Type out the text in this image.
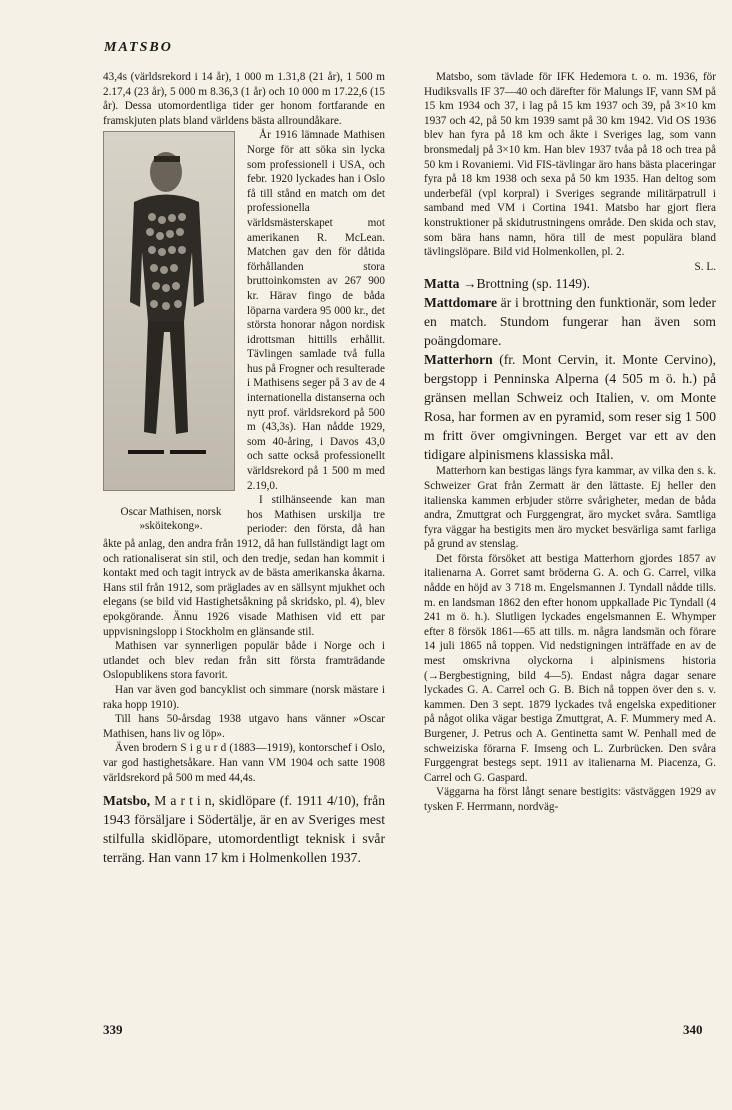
MATSBO

43,4s (världsrekord i 14 år), 1 000 m 1.31,8 (21 år), 1 500 m 2.17,4 (23 år), 5 000 m 8.36,3 (1 år) och 10 000 m 17.22,6 (15 år). Dessa utomordentliga tider ger honom fortfarande en framskjuten plats bland världens bästa allroundåkare.

Oscar Mathisen, norsk »sköitekong».

År 1916 lämnade Mathisen Norge för att söka sin lycka som professionell i USA, och febr. 1920 lyckades han i Oslo få till stånd en match om det professionella världsmästerskapet mot amerikanen R. McLean. Matchen gav den för dåtida förhållanden stora bruttoinkomsten av 267 900 kr. Härav fingo de båda löparna vardera 95 000 kr., det största honorar någon nordisk idrottsman hittills erhållit. Tävlingen samlade två fulla hus på Frogner och resulterade i Mathisens seger på 3 av de 4 internationella distanserna och nytt prof. världsrekord på 500 m (43,3s). Han nådde 1929, som 40-åring, i Davos 43,0 och satte också professionellt världsrekord på 1 500 m med 2.19,0.

I stilhänseende kan man hos Mathisen urskilja tre perioder: den första, då han åkte på anlag, den andra från 1912, då han fullständigt lagt om och rationaliserat sin stil, och den tredje, sedan han kommit i kontakt med och tagit intryck av de bästa amerikanska åkarna. Hans stil från 1912, som präglades av en sällsynt mjukhet och elegans (se bild vid Hastighetsåkning på skridsko, pl. 4), blev epokgörande. Ännu 1926 visade Mathisen vid ett par uppvisningslopp i Stockholm en glänsande stil.

Mathisen var synnerligen populär både i Norge och i utlandet och blev redan från sitt första framträdande Oslopublikens stora favorit.

Han var även god bancyklist och simmare (norsk mästare i raka hopp 1910).

Till hans 50-årsdag 1938 utgavo hans vänner »Oscar Mathisen, hans liv og löp».

Även brodern S i g u r d (1883—1919), kontorschef i Oslo, var god hastighetsåkare. Han vann VM 1904 och satte 1908 världsrekord på 500 m med 44,4s.

Matsbo, M a r t i n, skidlöpare (f. 1911 4/10), från 1943 försäljare i Södertälje, är en av Sveriges mest stilfulla skidlöpare, utomordentligt teknisk i svår terräng. Han vann 17 km i Holmenkollen 1937.

Matsbo, som tävlade för IFK Hedemora t. o. m. 1936, för Hudiksvalls IF 37—40 och därefter för Malungs IF, vann SM på 15 km 1934 och 37, i lag på 15 km 1937 och 39, på 3×10 km 1937 och 42, på 50 km 1939 samt på 30 km 1942. Vid OS 1936 blev han fyra på 18 km och åkte i Sveriges lag, som vann bronsmedalj på 3×10 km. Han blev 1937 tvåa på 18 och trea på 50 km i Rovaniemi. Vid FIS-tävlingar äro hans bästa placeringar fyra på 18 km 1938 och sexa på 50 km 1935. Han deltog som underbefäl (vpl korpral) i Sveriges segrande militärpatrull i samband med VM i Cortina 1941. Matsbo har gjort flera konstruktioner på skidutrustningens område. Den skida och stav, som bära hans namn, höra till de mest populära bland tävlingslöpare. Bild vid Holmenkollen, pl. 2.

S. L.

Matta →Brottning (sp. 1149).

Mattdomare är i brottning den funktionär, som leder en match. Stundom fungerar han även som poängdomare.

Matterhorn (fr. Mont Cervin, it. Monte Cervino), bergstopp i Penninska Alperna (4 505 m ö. h.) på gränsen mellan Schweiz och Italien, v. om Monte Rosa, har formen av en pyramid, som reser sig 1 500 m fritt över omgivningen. Berget var ett av den tidigare alpinismens klassiska mål.

Matterhorn kan bestigas längs fyra kammar, av vilka den s. k. Schweizer Grat från Zermatt är den lättaste. Ej heller den italienska kammen erbjuder större svårigheter, medan de båda andra, Zmuttgrat och Furggengrat, äro mycket svåra. Samtliga fyra väggar ha bestigits men äro mycket besvärliga samt farliga på grund av stenslag.

Det första försöket att bestiga Matterhorn gjordes 1857 av italienarna A. Gorret samt bröderna G. A. och G. Carrel, vilka nådde en höjd av 3 718 m. Engelsmannen J. Tyndall nådde tills. m. en landsman 1862 den efter honom uppkallade Pic Tyndall (4 241 m ö. h.). Slutligen lyckades engelsmannen E. Whymper efter 8 försök 1861—65 att tills. m. några landsmän och förare 14 juli 1865 nå toppen. Vid nedstigningen inträffade en av de mest omskrivna olyckorna i alpinismens historia (→Bergbestigning, bild 4—5). Endast några dagar senare lyckades G. A. Carrel och G. B. Bich nå toppen över den s. v. kammen. Den 3 sept. 1879 lyckades två engelska expeditioner på något olika vägar bestiga Zmuttgrat, A. F. Mummery med A. Burgener, J. Petrus och A. Gentinetta samt W. Penhall med de schweiziska förarna F. Imseng och L. Zurbrücken. Den svåra Furggengrat bestegs sept. 1911 av italienarna M. Piacenza, G. Carrel och G. Gaspard.

Väggarna ha först långt senare bestigits: västväggen 1929 av tysken F. Herrmann, nordväg-

339	340
